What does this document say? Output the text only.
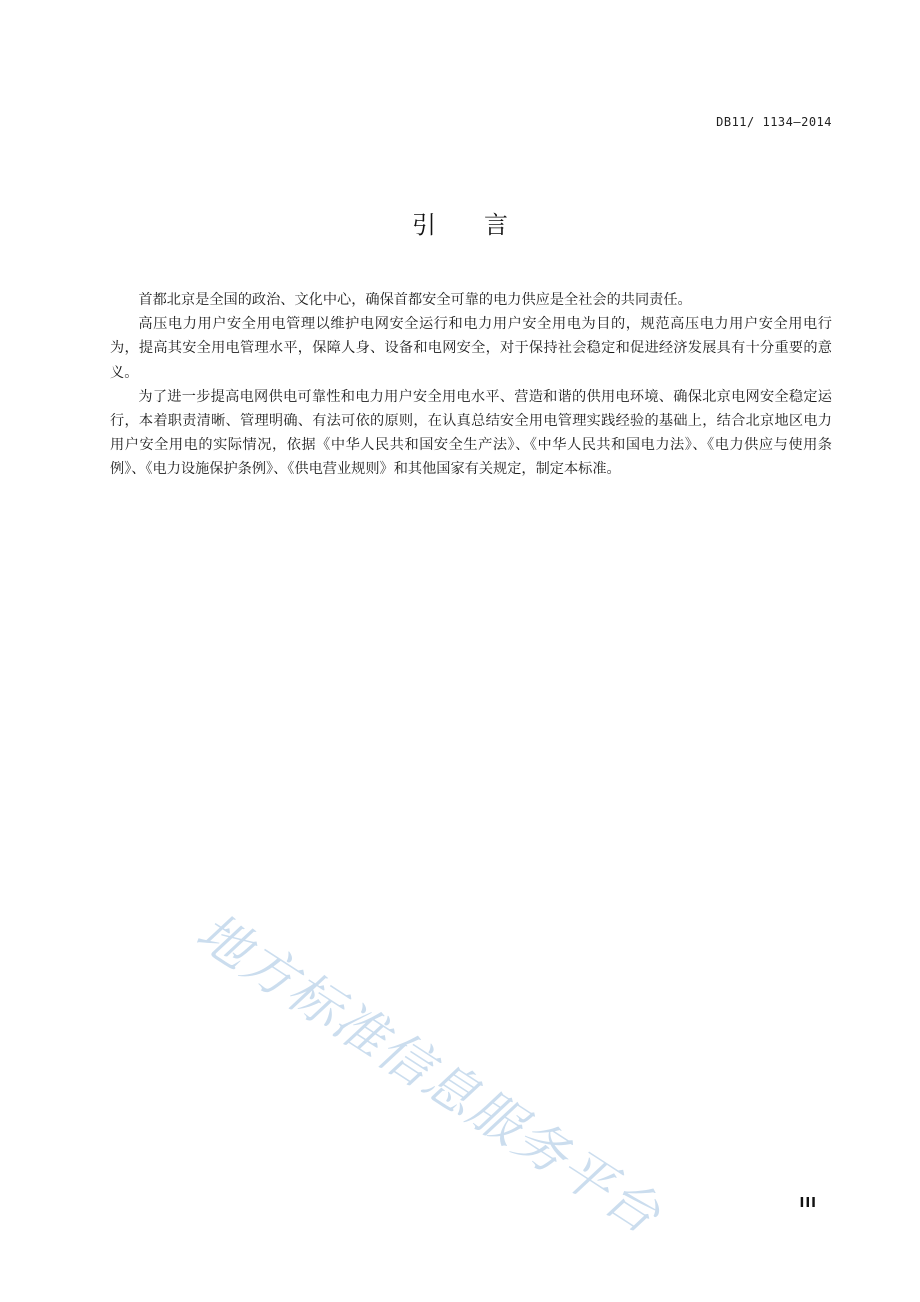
DB11/ 1134—2014
引言

首都北京是全国的政治、文化中心，确保首都安全可靠的电力供应是全社会的共同责任。

高压电力用户安全用电管理以维护电网安全运行和电力用户安全用电为目的，规范高压电力用户安全用电行为，提高其安全用电管理水平，保障人身、设备和电网安全，对于保持社会稳定和促进经济发展具有十分重要的意义。

为了进一步提高电网供电可靠性和电力用户安全用电水平、营造和谐的供用电环境、确保北京电网安全稳定运行，本着职责清晰、管理明确、有法可依的原则，在认真总结安全用电管理实践经验的基础上，结合北京地区电力用户安全用电的实际情况，依据《中华人民共和国安全生产法》、《中华人民共和国电力法》、《电力供应与使用条例》、《电力设施保护条例》、《供电营业规则》和其他国家有关规定，制定本标准。

地方标准信息服务平台	III
